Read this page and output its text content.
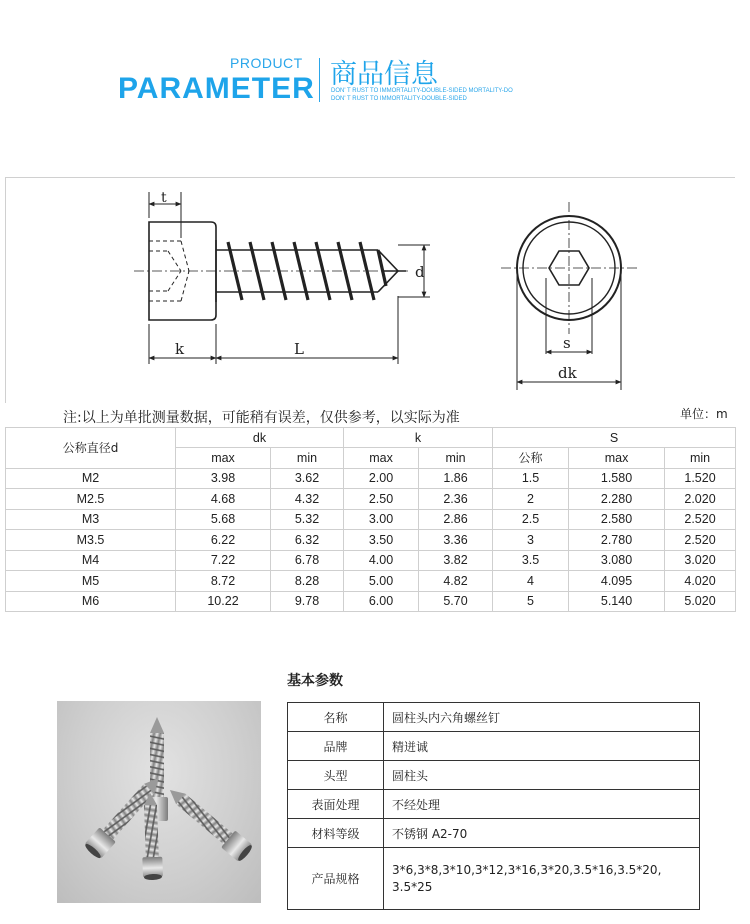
PRODUCT
PARAMETER 商品信息
DON' T RUST TO IMMORTALITY-DOUBLE-SIDED MORTALITY-DO
DON' T RUST TO IMMORTALITY-DOUBLE-SIDED
t
k	L
d
s
dk
注:以上为单批测量数据，可能稍有误差，仅供参考，以实际为准	单位：m
公称直径d	dk		k		S		
	max	min	max	min	公称	max	min
M2	3.98	3.62	2.00	1.86	1.5	1.580	1.520
M2.5	4.68	4.32	2.50	2.36	2	2.280	2.020
M3	5.68	5.32	3.00	2.86	2.5	2.580	2.520
M3.5	6.22	6.32	3.50	3.36	3	2.780	2.520
M4	7.22	6.78	4.00	3.82	3.5	3.080	3.020
M5	8.72	8.28	5.00	4.82	4	4.095	4.020
M6	10.22	9.78	6.00	5.70	5	5.140	5.020
基本参数
名称	圆柱头内六角螺丝钉
品牌	精迸诚
头型	圆柱头
表面处理	不经处理
材料等级	不锈钢 A2-70
产品规格	3*6,3*8,3*10,3*12,3*16,3*20,3.5*16,3.5*20,
3.5*25
